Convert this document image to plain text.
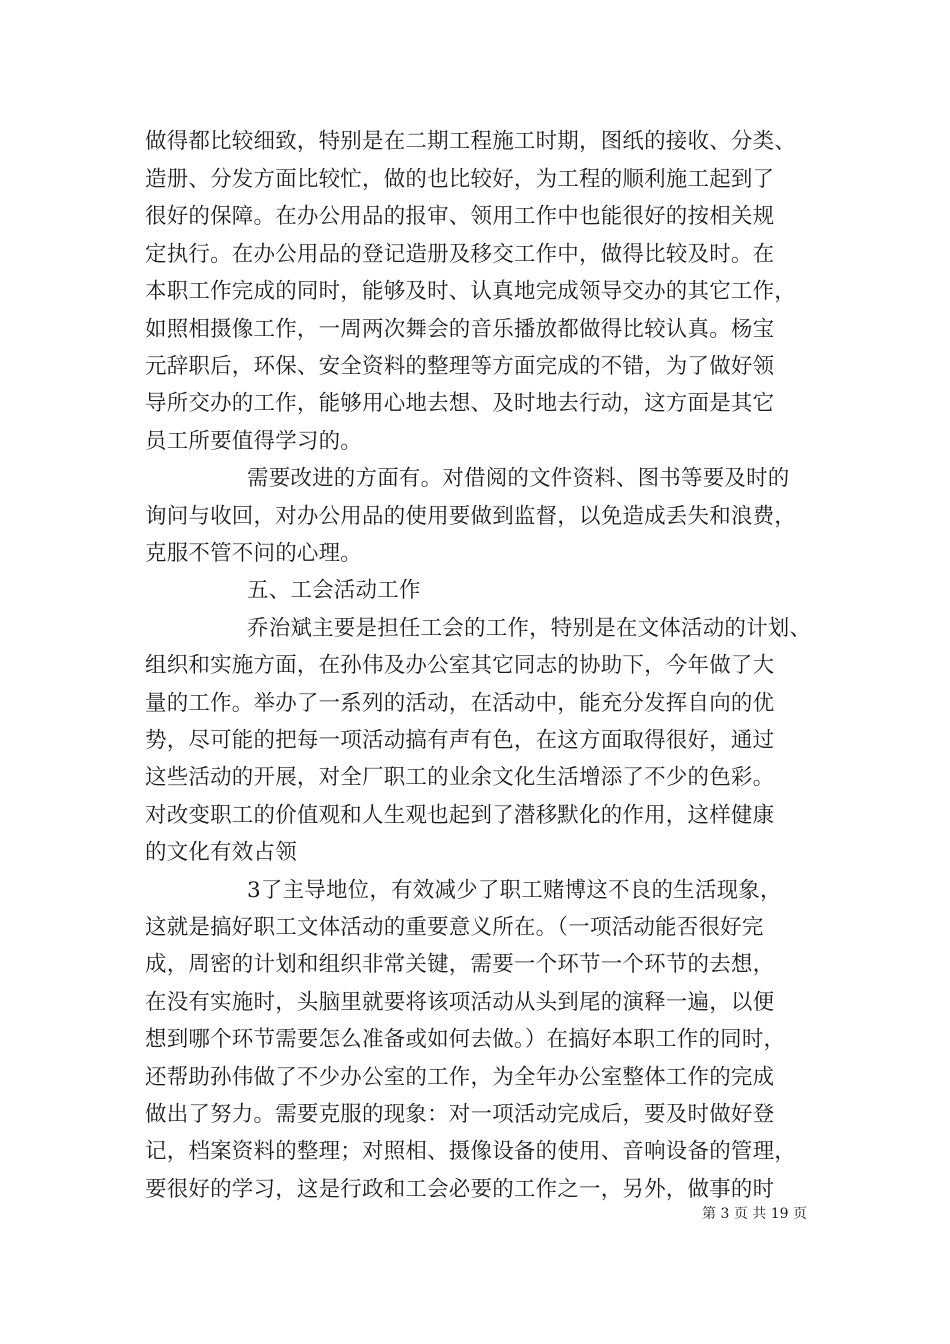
做得都比较细致，特别是在二期工程施工时期，图纸的接收、分类、
造册、分发方面比较忙，做的也比较好，为工程的顺利施工起到了
很好的保障。在办公用品的报审、领用工作中也能很好的按相关规
定执行。在办公用品的登记造册及移交工作中，做得比较及时。在
本职工作完成的同时，能够及时、认真地完成领导交办的其它工作，
如照相摄像工作，一周两次舞会的音乐播放都做得比较认真。杨宝
元辞职后，环保、安全资料的整理等方面完成的不错，为了做好领
导所交办的工作，能够用心地去想、及时地去行动，这方面是其它
员工所要值得学习的。
需要改进的方面有。对借阅的文件资料、图书等要及时的
询问与收回，对办公用品的使用要做到监督，以免造成丢失和浪费，
克服不管不问的心理。
五、工会活动工作
乔治斌主要是担任工会的工作，特别是在文体活动的计划、
组织和实施方面，在孙伟及办公室其它同志的协助下，今年做了大
量的工作。举办了一系列的活动，在活动中，能充分发挥自向的优
势，尽可能的把每一项活动搞有声有色，在这方面取得很好，通过
这些活动的开展，对全厂职工的业余文化生活增添了不少的色彩。
对改变职工的价值观和人生观也起到了潜移默化的作用，这样健康
的文化有效占领
3了主导地位，有效减少了职工赌博这不良的生活现象，
这就是搞好职工文体活动的重要意义所在。（一项活动能否很好完
成，周密的计划和组织非常关键，需要一个环节一个环节的去想，
在没有实施时，头脑里就要将该项活动从头到尾的演释一遍，以便
想到哪个环节需要怎么准备或如何去做。）在搞好本职工作的同时，
还帮助孙伟做了不少办公室的工作，为全年办公室整体工作的完成
做出了努力。需要克服的现象：对一项活动完成后，要及时做好登
记，档案资料的整理；对照相、摄像设备的使用、音响设备的管理，
要很好的学习，这是行政和工会必要的工作之一，另外，做事的时
第 3 页 共 19 页
